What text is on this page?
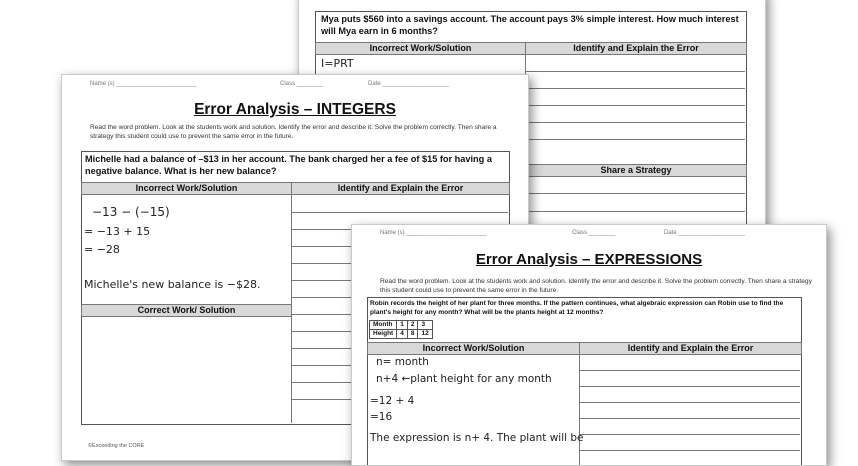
Mya puts $560 into a savings account. The account pays 3% simple interest. How much interest will Mya earn in 6 months?
Incorrect Work/Solution	Identify and Explain the Error
I=PRT
Share a Strategy
Name (s) ________________________	Class ________	Date ____________________
Error Analysis – INTEGERS
Read the word problem. Look at the students work and solution. Identify the error and describe it. Solve the problem correctly. Then share a strategy this student could use to prevent the same error in the future.
Michelle had a balance of –$13 in her account. The bank charged her a fee of $15 for having a negative balance. What is her new balance?
Incorrect Work/Solution	Identify and Explain the Error
−13 − (−15)
= −13 + 15
= −28
Michelle's new balance is −$28.
Correct Work/ Solution
©Exceeding the CORE
Name (s) ________________________	Class ________	Date ____________________
Error Analysis – EXPRESSIONS
Read the word problem. Look at the students work and solution. Identify the error and describe it. Solve the problem correctly. Then share a strategy this student could use to prevent the same error in the future.
Robin records the height of her plant for three months. If the pattern continues, what algebraic expression can Robin use to find the plant's height for any month? What will be the plants height at 12 months?
Month	1	2	3
Height	4	8	12
Incorrect Work/Solution	Identify and Explain the Error
n= month
n+4 ←plant height for any month
=12 + 4
=16
The expression is n+ 4. The plant will be
